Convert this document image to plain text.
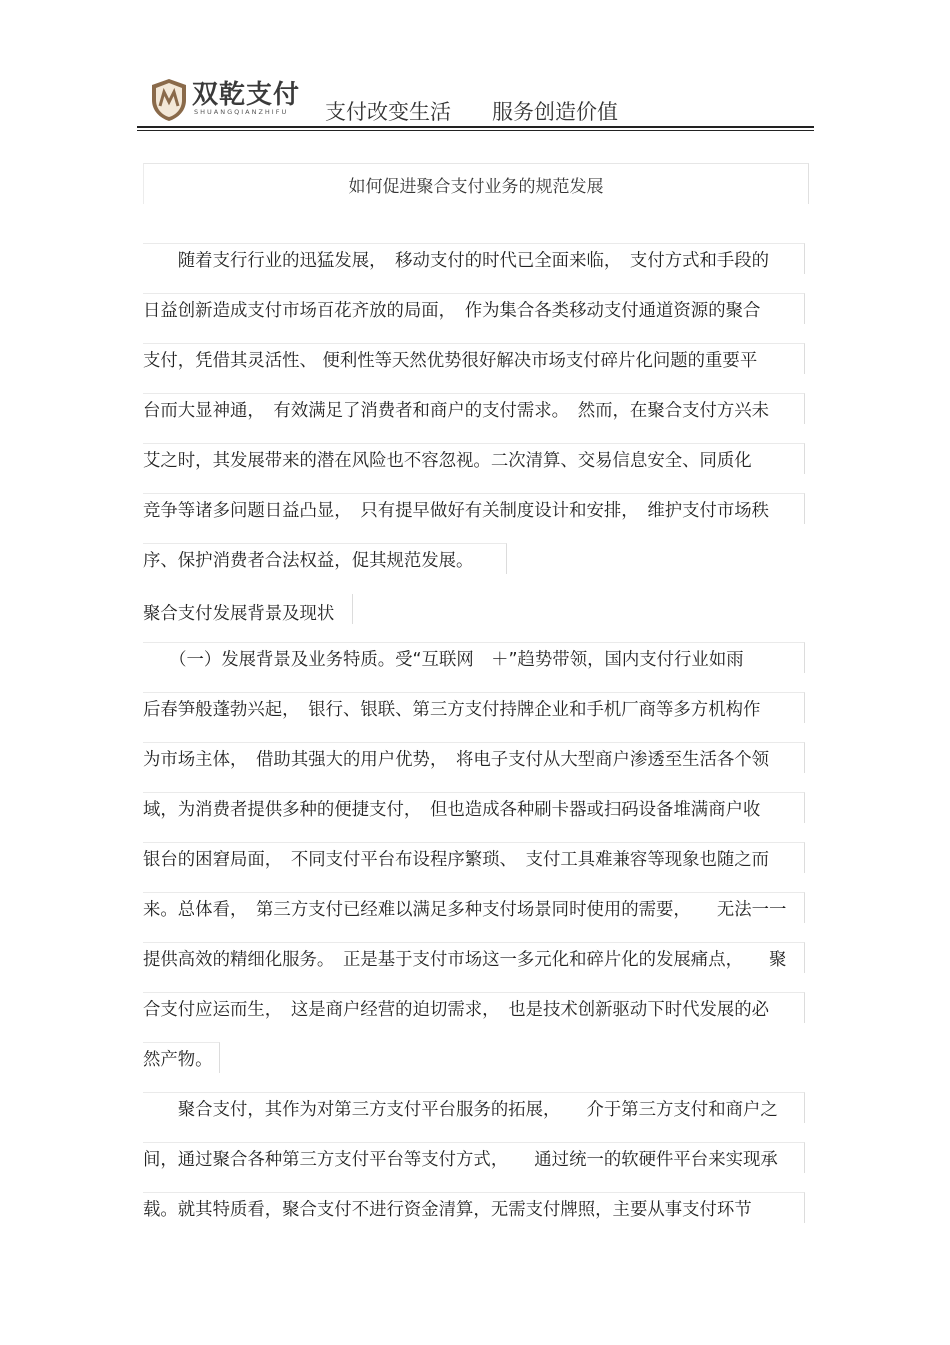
双乾支付
SHUANGQIANZHIFU 支付改变生活 服务创造价值
如何促进聚合支付业务的规范发展
　　随着支行行业的迅猛发展，　移动支付的时代已全面来临，　支付方式和手段的
日益创新造成支付市场百花齐放的局面，　作为集合各类移动支付通道资源的聚合
支付，凭借其灵活性、 便利性等天然优势很好解决市场支付碎片化问题的重要平
台而大显神通，　有效满足了消费者和商户的支付需求。　然而，在聚合支付方兴未
艾之时，其发展带来的潜在风险也不容忽视。二次清算、交易信息安全、同质化
竞争等诸多问题日益凸显，　只有提早做好有关制度设计和安排，　维护支付市场秩
序、保护消费者合法权益，促其规范发展。
聚合支付发展背景及现状
　　（一）发展背景及业务特质。受“互联网　＋”趋势带领，国内支付行业如雨
后春笋般蓬勃兴起，　银行、银联、第三方支付持牌企业和手机厂商等多方机构作
为市场主体，　借助其强大的用户优势，　将电子支付从大型商户渗透至生活各个领
域，为消费者提供多种的便捷支付，　但也造成各种刷卡器或扫码设备堆满商户收
银台的困窘局面，　不同支付平台布设程序繁琐、　支付工具难兼容等现象也随之而
来。总体看，　第三方支付已经难以满足多种支付场景同时使用的需要，　　无法一一
提供高效的精细化服务。　正是基于支付市场这一多元化和碎片化的发展痛点，　　聚
合支付应运而生，　这是商户经营的迫切需求，　也是技术创新驱动下时代发展的必
然产物。
　　聚合支付，其作为对第三方支付平台服务的拓展，　　介于第三方支付和商户之
间，通过聚合各种第三方支付平台等支付方式，　　通过统一的软硬件平台来实现承
载。就其特质看，聚合支付不进行资金清算，无需支付牌照，主要从事支付环节
